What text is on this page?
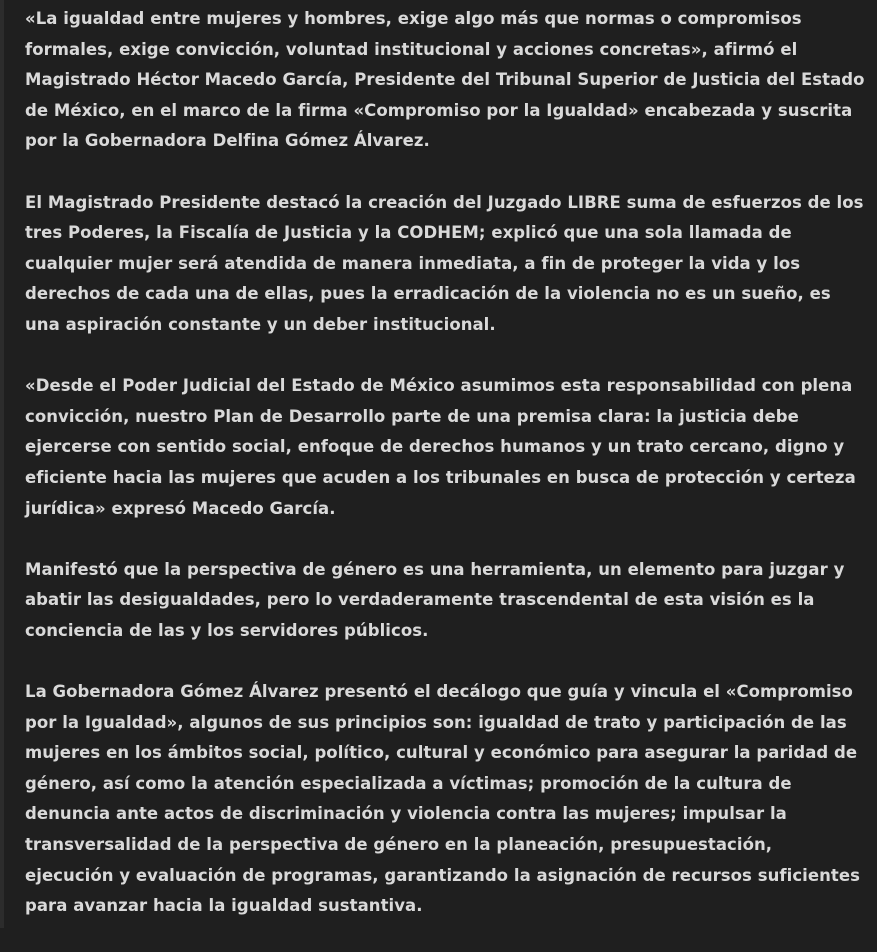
«La igualdad entre mujeres y hombres, exige algo más que normas o compromisos formales, exige convicción, voluntad institucional y acciones concretas», afirmó el Magistrado Héctor Macedo García, Presidente del Tribunal Superior de Justicia del Estado de México, en el marco de la firma «Compromiso por la Igualdad» encabezada y suscrita por la Gobernadora Delfina Gómez Álvarez.

El Magistrado Presidente destacó la creación del Juzgado LIBRE suma de esfuerzos de los tres Poderes, la Fiscalía de Justicia y la CODHEM; explicó que una sola llamada de cualquier mujer será atendida de manera inmediata, a fin de proteger la vida y los derechos de cada una de ellas, pues la erradicación de la violencia no es un sueño, es una aspiración constante y un deber institucional.

«Desde el Poder Judicial del Estado de México asumimos esta responsabilidad con plena convicción, nuestro Plan de Desarrollo parte de una premisa clara: la justicia debe ejercerse con sentido social, enfoque de derechos humanos y un trato cercano, digno y eficiente hacia las mujeres que acuden a los tribunales en busca de protección y certeza jurídica» expresó Macedo García.

Manifestó que la perspectiva de género es una herramienta, un elemento para juzgar y abatir las desigualdades, pero lo verdaderamente trascendental de esta visión es la conciencia de las y los servidores públicos.

La Gobernadora Gómez Álvarez presentó el decálogo que guía y vincula el «Compromiso por la Igualdad», algunos de sus principios son: igualdad de trato y participación de las mujeres en los ámbitos social, político, cultural y económico para asegurar la paridad de género, así como la atención especializada a víctimas; promoción de la cultura de denuncia ante actos de discriminación y violencia contra las mujeres; impulsar la transversalidad de la perspectiva de género en la planeación, presupuestación, ejecución y evaluación de programas, garantizando la asignación de recursos suficientes para avanzar hacia la igualdad sustantiva.
